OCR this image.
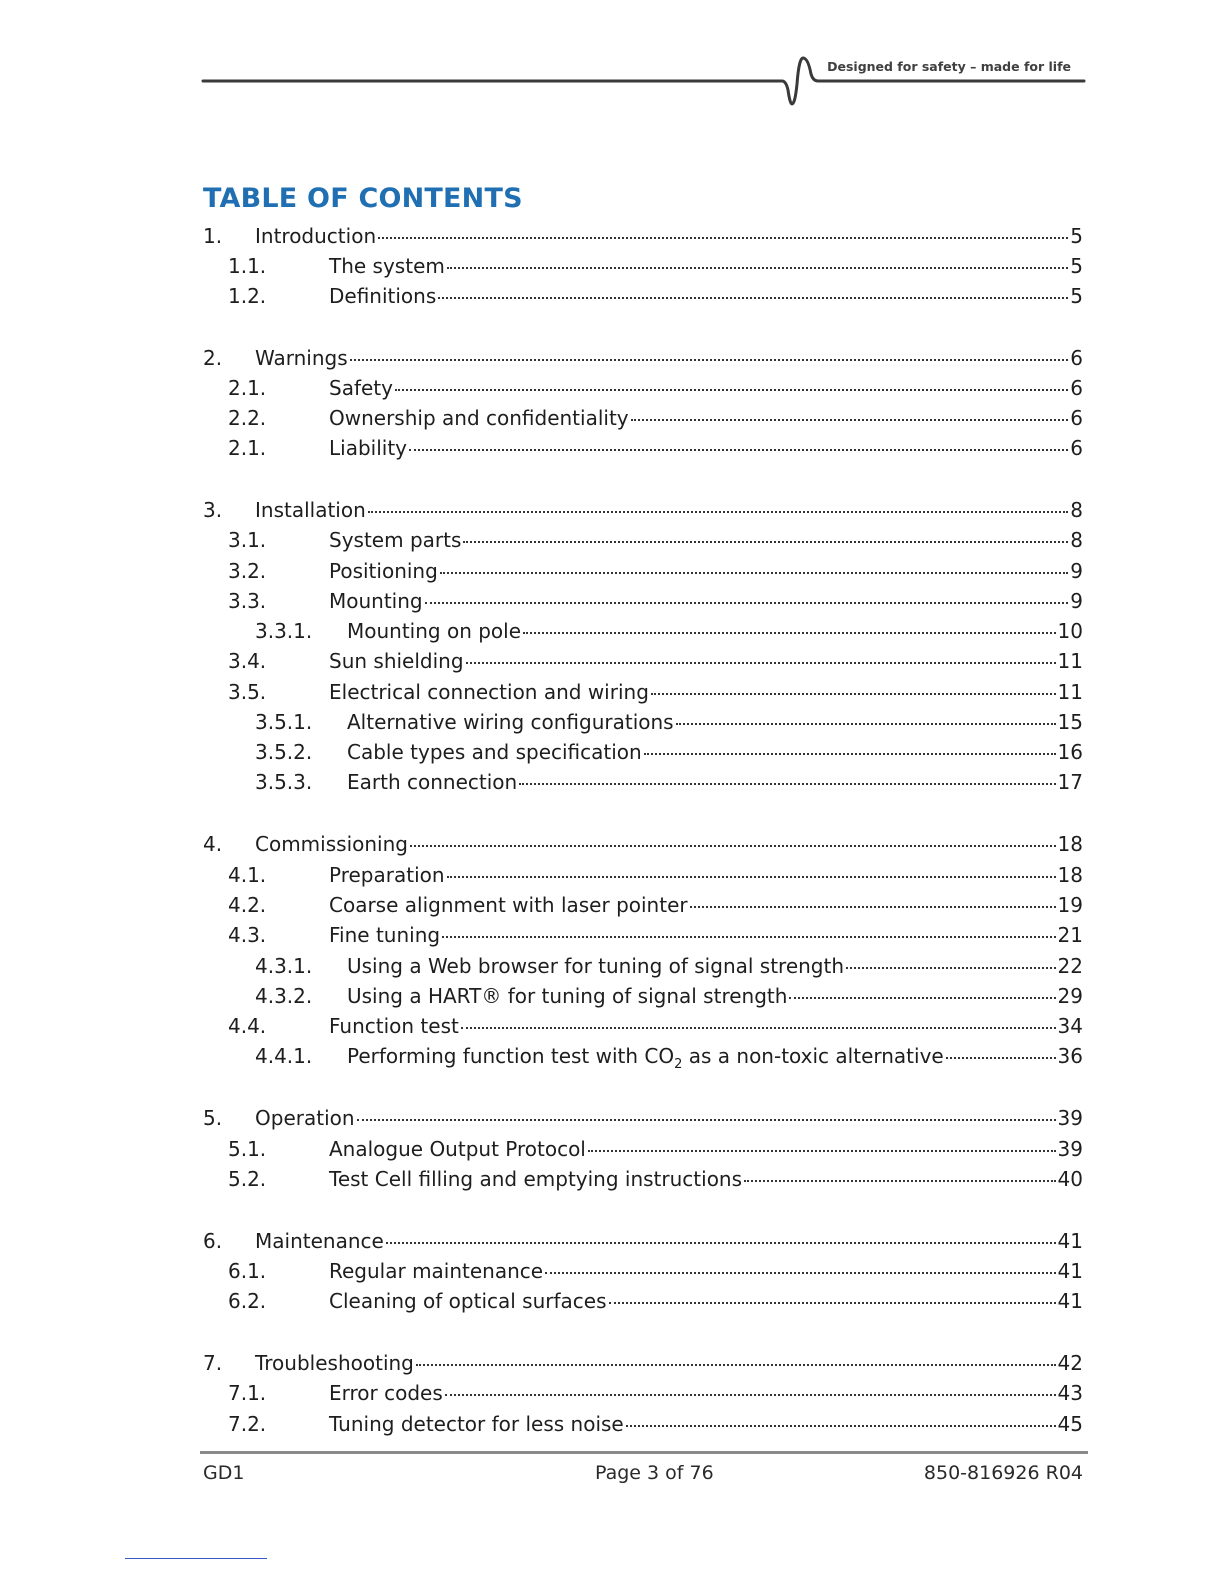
Designed for safety – made for life
TABLE OF CONTENTS
1.	Introduction	5
1.1.	The system	5
1.2.	Definitions	5
2.	Warnings	6
2.1.	Safety	6
2.2.	Ownership and confidentiality	6
2.1.	Liability	6
3.	Installation	8
3.1.	System parts	8
3.2.	Positioning	9
3.3.	Mounting	9
3.3.1.	Mounting on pole	10
3.4.	Sun shielding	11
3.5.	Electrical connection and wiring	11
3.5.1.	Alternative wiring configurations	15
3.5.2.	Cable types and specification	16
3.5.3.	Earth connection	17
4.	Commissioning	18
4.1.	Preparation	18
4.2.	Coarse alignment with laser pointer	19
4.3.	Fine tuning	21
4.3.1.	Using a Web browser for tuning of signal strength	22
4.3.2.	Using a HART® for tuning of signal strength	29
4.4.	Function test	34
4.4.1.	Performing function test with $CO_2$ as a non-toxic alternative	36
5.	Operation	39
5.1.	Analogue Output Protocol	39
5.2.	Test Cell filling and emptying instructions	40
6.	Maintenance	41
6.1.	Regular maintenance	41
6.2.	Cleaning of optical surfaces	41
7.	Troubleshooting	42
7.1.	Error codes	43
7.2.	Tuning detector for less noise	45
GD1	Page 3 of 76	850-816926 R04
